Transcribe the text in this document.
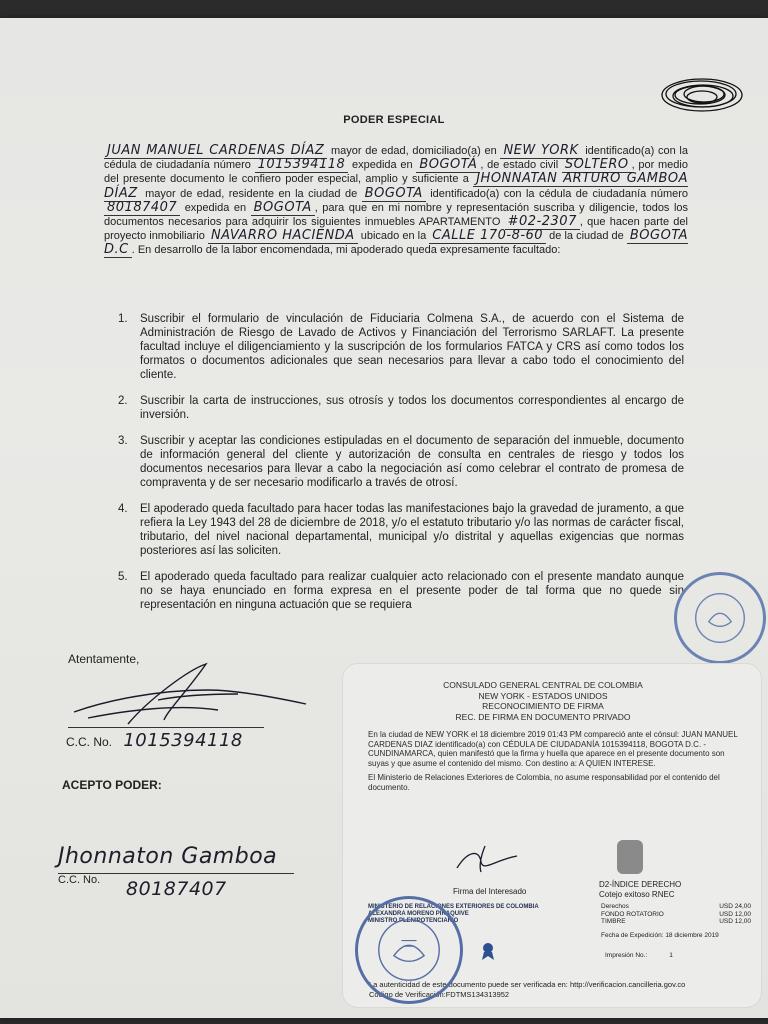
PODER ESPECIAL

JUAN MANUEL CARDENAS DÍAZ mayor de edad, domiciliado(a) en NEW YORK identificado(a) con la cédula de ciudadanía número 1015394118 expedida en BOGOTÁ , de estado civil SOLTERO , por medio del presente documento le confiero poder especial, amplio y suficiente a JHONNATAN ARTURO GAMBOA DÍAZ mayor de edad, residente en la ciudad de BOGOTA identificado(a) con la cédula de ciudadanía número 80187407 expedida en BOGOTA , para que en mi nombre y representación suscriba y diligencie, todos los documentos necesarios para adquirir los siguientes inmuebles APARTAMENTO #02-2307 , que hacen parte del proyecto inmobiliario NAVARRO HACIENDA ubicado en la CALLE 170-8-60 de la ciudad de BOGOTA D.C . En desarrollo de la labor encomendada, mi apoderado queda expresamente facultado:

1. Suscribir el formulario de vinculación de Fiduciaria Colmena S.A., de acuerdo con el Sistema de Administración de Riesgo de Lavado de Activos y Financiación del Terrorismo SARLAFT. La presente facultad incluye el diligenciamiento y la suscripción de los formularios FATCA y CRS así como todos los formatos o documentos adicionales que sean necesarios para llevar a cabo todo el conocimiento del cliente.
2. Suscribir la carta de instrucciones, sus otrosís y todos los documentos correspondientes al encargo de inversión.
3. Suscribir y aceptar las condiciones estipuladas en el documento de separación del inmueble, documento de información general del cliente y autorización de consulta en centrales de riesgo y todos los documentos necesarios para llevar a cabo la negociación así como celebrar el contrato de promesa de compraventa y de ser necesario modificarlo a través de otrosí.
4. El apoderado queda facultado para hacer todas las manifestaciones bajo la gravedad de juramento, a que refiera la Ley 1943 del 28 de diciembre de 2018, y/o el estatuto tributario y/o las normas de carácter fiscal, tributario, del nivel nacional departamental, municipal y/o distrital y aquellas exigencias que normas posteriores así las soliciten.
5. El apoderado queda facultado para realizar cualquier acto relacionado con el presente mandato aunque no se haya enunciado en forma expresa en el presente poder de tal forma que no quede sin representación en ninguna actuación que se requiera
Atentamente,
C.C. No. 1015394118
ACEPTO PODER:
Jhonnaton Gamboa
C.C. No. 80187407
CONSULADO GENERAL CENTRAL DE COLOMBIA
NEW YORK - ESTADOS UNIDOS
RECONOCIMIENTO DE FIRMA
REC. DE FIRMA EN DOCUMENTO PRIVADO

En la ciudad de NEW YORK el 18 diciembre 2019 01:43 PM compareció ante el cónsul: JUAN MANUEL CARDENAS DIAZ identificado(a) con CÉDULA DE CIUDADANÍA 1015394118, BOGOTA D.C. - CUNDINAMARCA, quien manifestó que la firma y huella que aparece en el presente documento son suyas y que asume el contenido del mismo. Con destino a: A QUIEN INTERESE.

El Ministerio de Relaciones Exteriores de Colombia, no asume responsabilidad por el contenido del documento.

Firma del Interesado
D2-ÍNDICE DERECHO
Cotejo exitoso RNEC
Derechos	USD 24,00
FONDO ROTATORIO	USD 12,00
TIMBRE	USD 12,00
Fecha de Expedición: 18 diciembre 2019
Impresión No.:	1
MINISTERIO DE RELACIONES EXTERIORES DE COLOMBIA
ALEXANDRA MORENO PIRAQUIVE
MINISTRO PLENIPOTENCIARIO
La autenticidad de este documento puede ser verificada en: http://verificacion.cancilleria.gov.co
Código de Verificación:FDTMS134313952
